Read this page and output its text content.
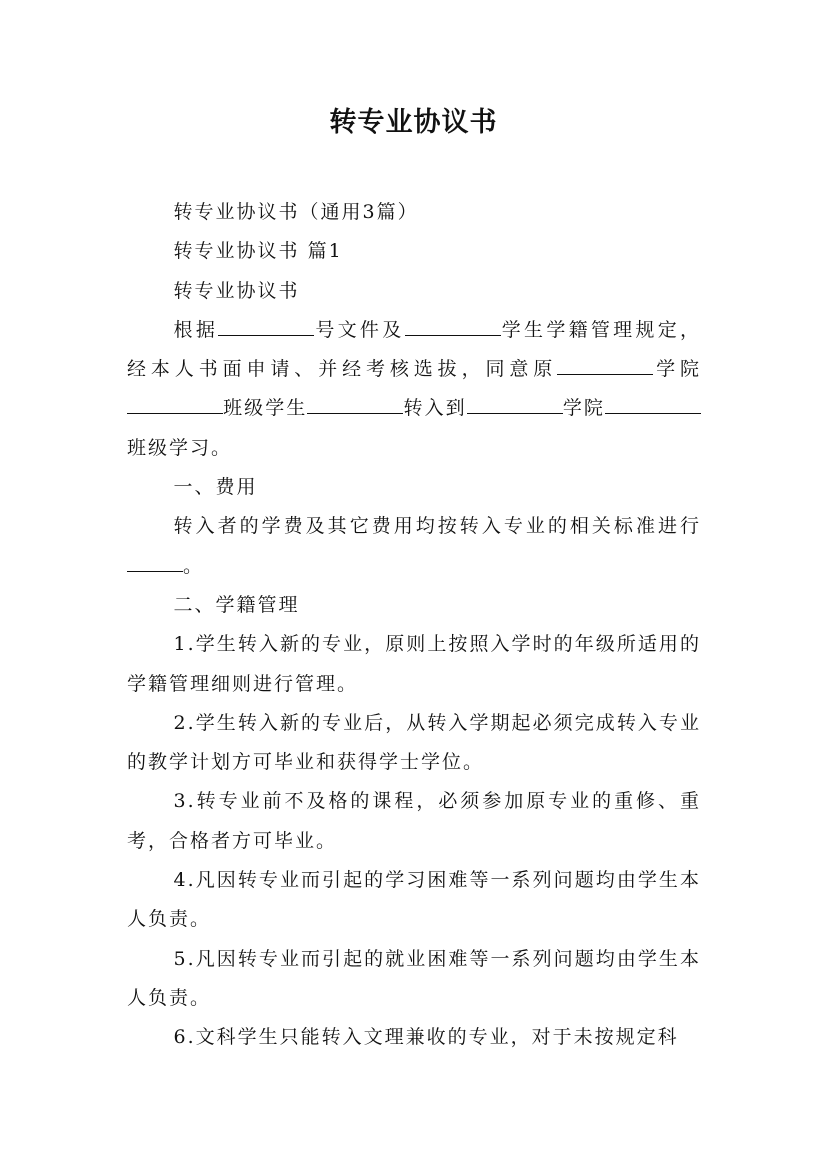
转专业协议书

转专业协议书（通用3篇）

转专业协议书 篇1

转专业协议书

根据	号文件及	学生学籍管理规定，经本人书面申请、并经考核选拔，同意原	学院班级学生	转入到	学院班级学习。

一、费用

转入者的学费及其它费用均按转入专业的相关标准进行。

二、学籍管理

1.学生转入新的专业，原则上按照入学时的年级所适用的学籍管理细则进行管理。

2.学生转入新的专业后，从转入学期起必须完成转入专业的教学计划方可毕业和获得学士学位。

3.转专业前不及格的课程，必须参加原专业的重修、重考，合格者方可毕业。

4.凡因转专业而引起的学习困难等一系列问题均由学生本人负责。

5.凡因转专业而引起的就业困难等一系列问题均由学生本人负责。

6.文科学生只能转入文理兼收的专业，对于未按规定科
